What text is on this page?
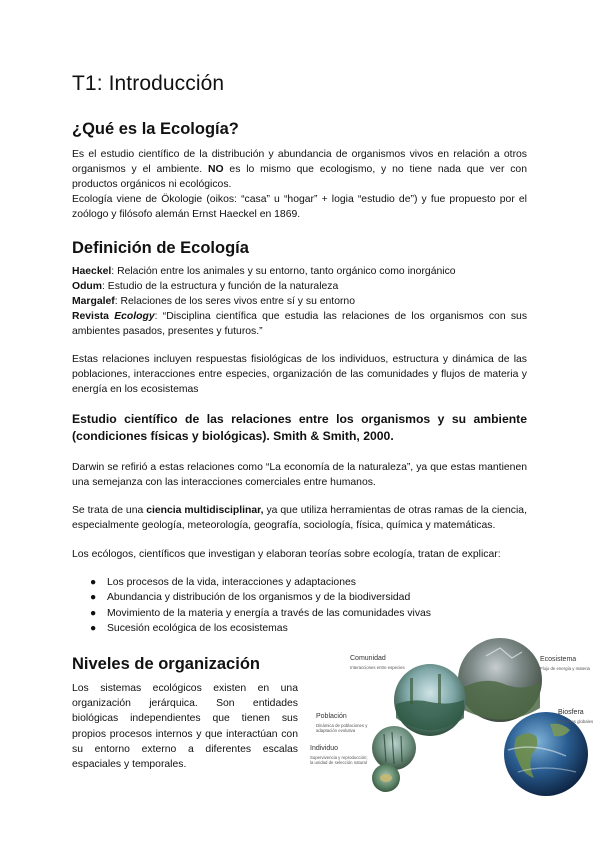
T1: Introducción
¿Qué es la Ecología?

Es el estudio científico de la distribución y abundancia de organismos vivos en relación a otros organismos y el ambiente. NO es lo mismo que ecologismo, y no tiene nada que ver con productos orgánicos ni ecológicos.

Ecología viene de Ökologie (oikos: “casa” u “hogar” + logia “estudio de”) y fue propuesto por el zoólogo y filósofo alemán Ernst Haeckel en 1869.

Definición de Ecología

Haeckel: Relación entre los animales y su entorno, tanto orgánico como inorgánico

Odum: Estudio de la estructura y función de la naturaleza

Margalef: Relaciones de los seres vivos entre sí y su entorno

Revista Ecology: “Disciplina científica que estudia las relaciones de los organismos con sus ambientes pasados, presentes y futuros.”

Estas relaciones incluyen respuestas fisiológicas de los individuos, estructura y dinámica de las poblaciones, interacciones entre especies, organización de las comunidades y flujos de materia y energía en los ecosistemas

Estudio científico de las relaciones entre los organismos y su ambiente (condiciones físicas y biológicas). Smith & Smith, 2000.

Darwin se refirió a estas relaciones como “La economía de la naturaleza”, ya que estas mantienen una semejanza con las interacciones comerciales entre humanos.

Se trata de una ciencia multidisciplinar, ya que utiliza herramientas de otras ramas de la ciencia, especialmente geología, meteorología, geografía, sociología, física, química y matemáticas.

Los ecólogos, científicos que investigan y elaboran teorías sobre ecología, tratan de explicar:

● Los procesos de la vida, interacciones y adaptaciones
● Abundancia y distribución de los organismos y de la biodiversidad
● Movimiento de la materia y energía a través de las comunidades vivas
● Sucesión ecológica de los ecosistemas
Niveles de organización

Los sistemas ecológicos existen en una organización jerárquica. Son entidades biológicas independientes que tienen sus propios procesos internos y que interactúan con su entorno externo a diferentes escalas espaciales y temporales.

Comunidad
Interacciones entre especies
Ecosistema
Flujo de energía y materia
Población
Dinámica de poblaciones y adaptación evolutiva
Individuo
Supervivencia y reproducción; la unidad de selección natural
Biosfera
Procesos globales
